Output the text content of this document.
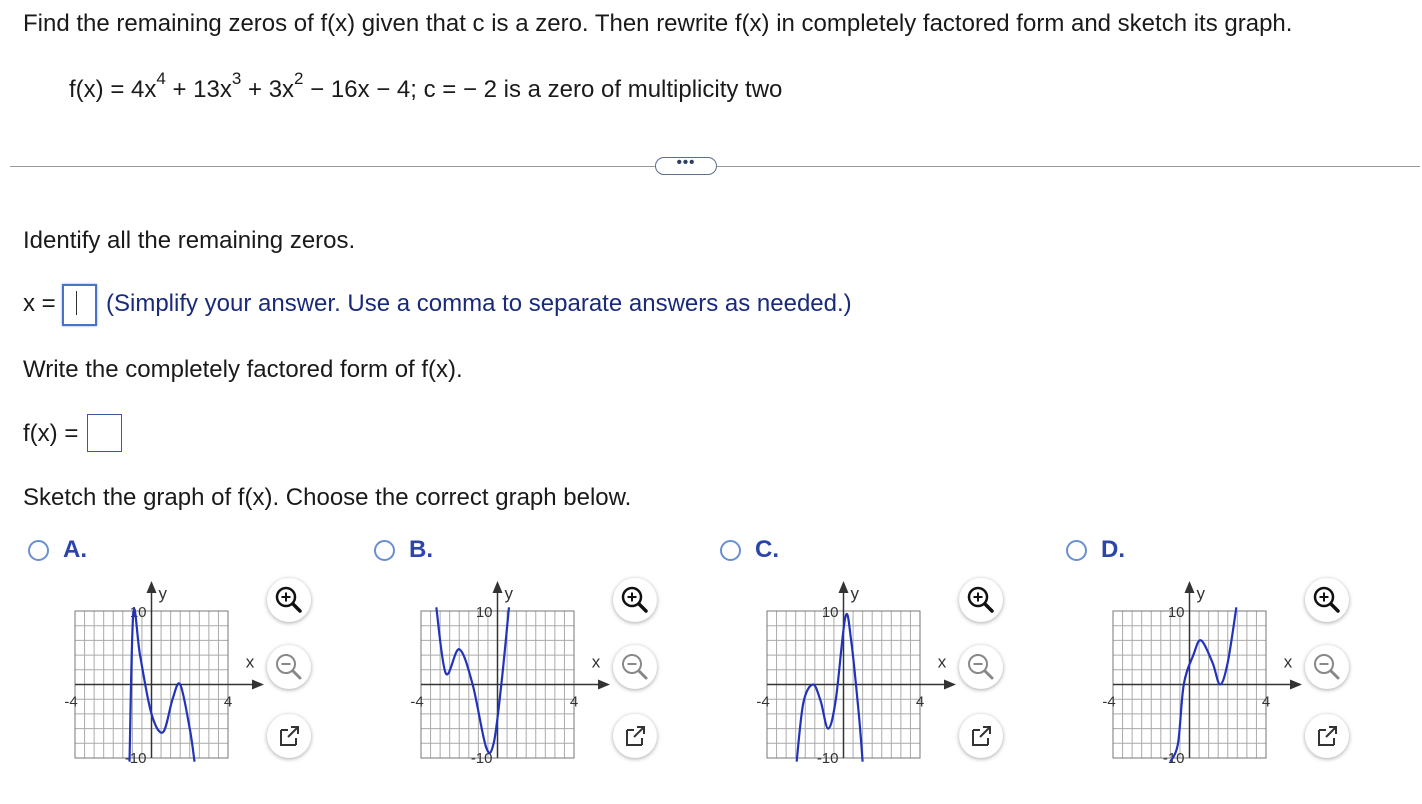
Find the remaining zeros of f(x) given that c is a zero. Then rewrite f(x) in completely factored form and sketch its graph.
$f(x) = 4x^4 + 13x^3 + 3x^2 - 16x - 4$; c = − 2 is a zero of multiplicity two
•••
Identify all the remaining zeros.
x = (Simplify your answer. Use a comma to separate answers as needed.)
Write the completely factored form of f(x).
f(x) =
Sketch the graph of f(x). Choose the correct graph below.
A.
y
x
-4	4
10
-10
B.
y
x
-4	4
10
-10
C.
y
x
-4	4
10
-10
D.
y
x
-4	4
10
-10
